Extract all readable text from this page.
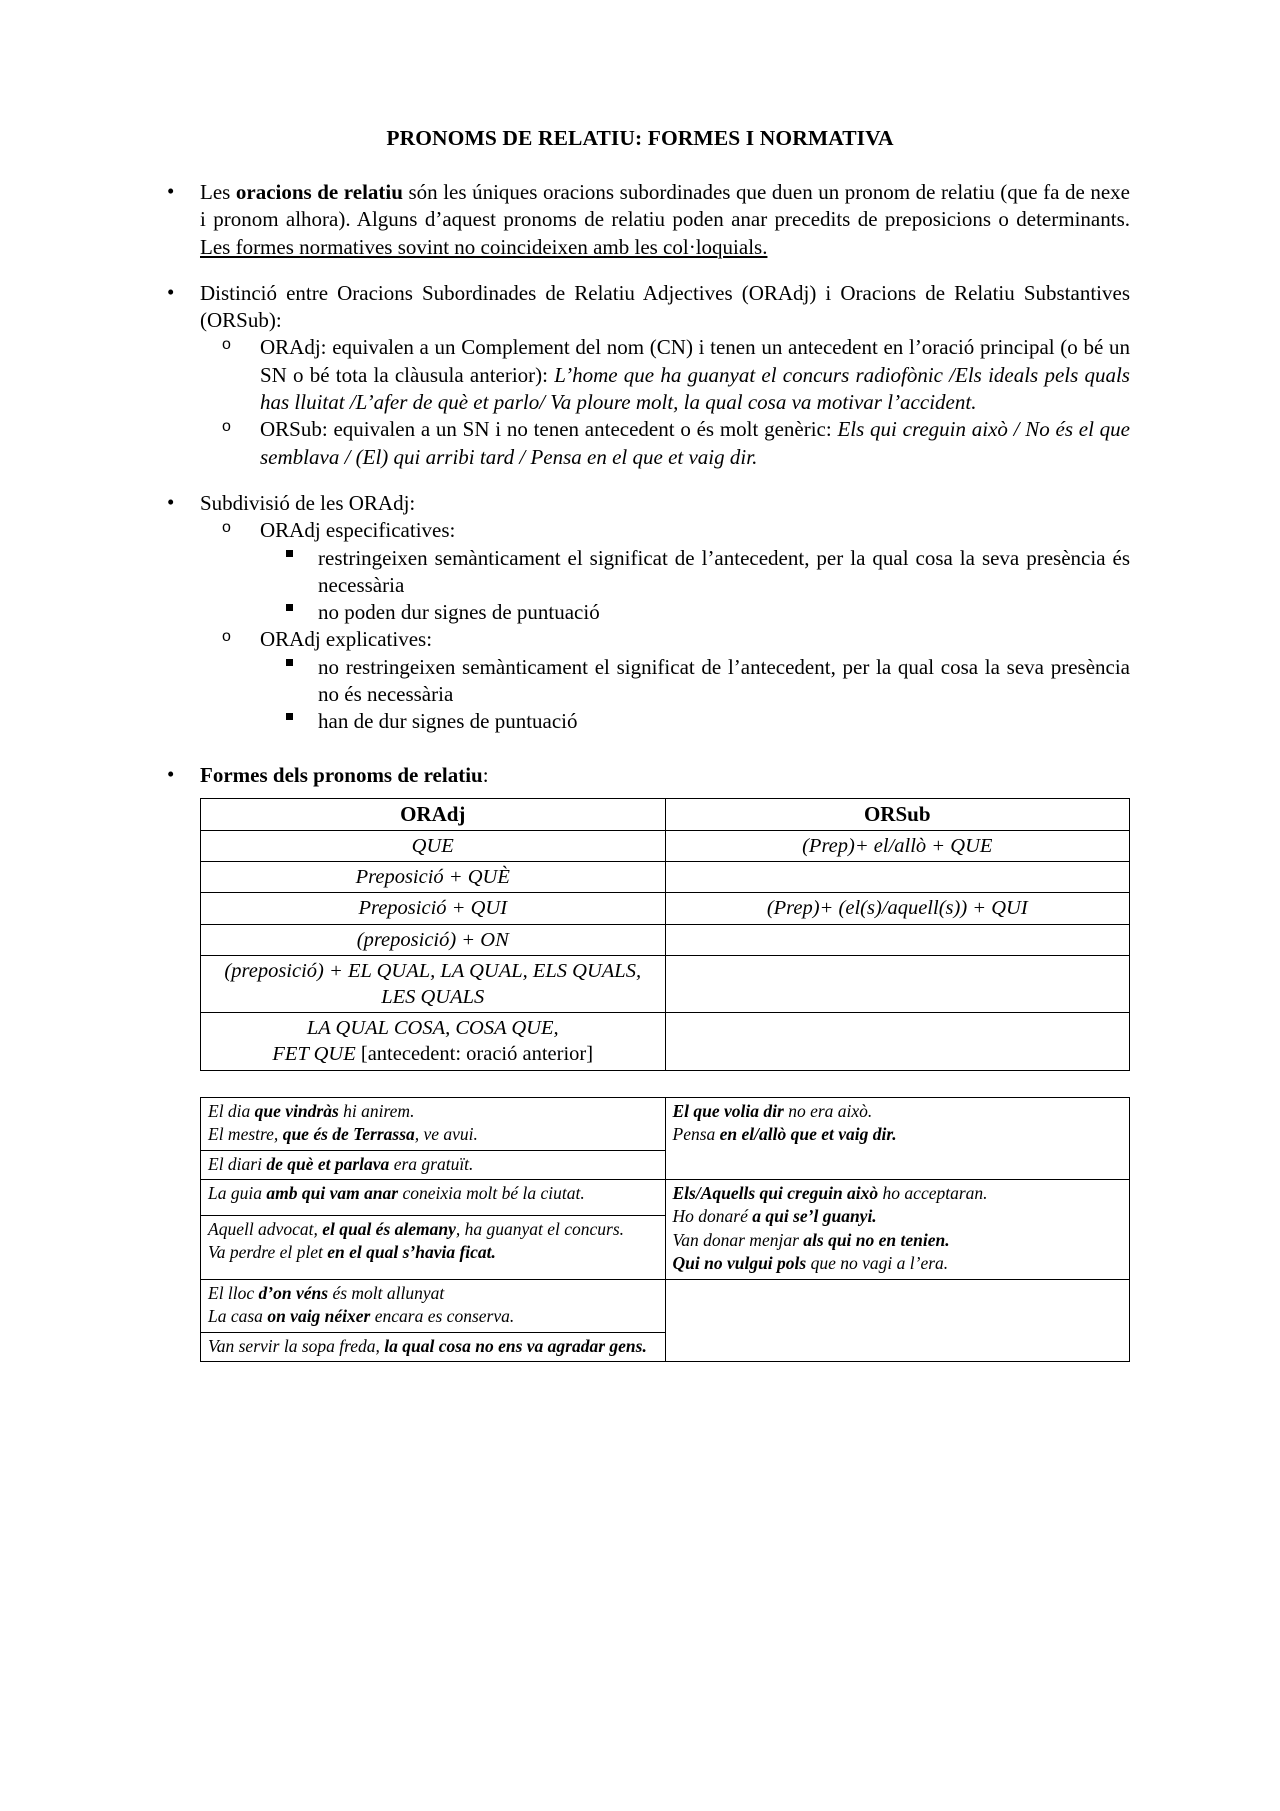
PRONOMS DE RELATIU: FORMES I NORMATIVA
• Les oracions de relatiu són les úniques oracions subordinades que duen un pronom de relatiu (que fa de nexe i pronom alhora). Alguns d’aquest pronoms de relatiu poden anar precedits de preposicions o determinants. Les formes normatives sovint no coincideixen amb les col·loquials.
• Distinció entre Oracions Subordinades de Relatiu Adjectives (ORAdj) i Oracions de Relatiu Substantives (ORSub):
o ORAdj: equivalen a un Complement del nom (CN) i tenen un antecedent en l’oració principal (o bé un SN o bé tota la clàusula anterior): L’home que ha guanyat el concurs radiofònic /Els ideals pels quals has lluitat /L’afer de què et parlo/ Va ploure molt, la qual cosa va motivar l’accident.
o ORSub: equivalen a un SN i no tenen antecedent o és molt genèric: Els qui creguin això / No és el que semblava / (El) qui arribi tard / Pensa en el que et vaig dir.
• Subdivisió de les ORAdj:
o ORAdj especificatives:
restringeixen semànticament el significat de l’antecedent, per la qual cosa la seva presència és necessària
no poden dur signes de puntuació
o ORAdj explicatives:
no restringeixen semànticament el significat de l’antecedent, per la qual cosa la seva presència no és necessària
han de dur signes de puntuació
• Formes dels pronoms de relatiu:
ORAdj	ORSub
QUE	(Prep)+ el/allò + QUE
Preposició + QUÈ	
Preposició + QUI	(Prep)+ (el(s)/aquell(s)) + QUI
(preposició) + ON	
(preposició) + EL QUAL, LA QUAL, ELS QUALS, LES QUALS	

LA QUAL COSA, COSA QUE,
FET QUE [antecedent: oració anterior]	

El dia que vindràs hi anirem.
El mestre, que és de Terrassa, ve avui.	El que volia dir no era això.
Pensa en el/allò que et vaig dir.

El diari de què et parlava era gratuït.	

La guia amb qui vam anar coneixia molt bé la ciutat.	Els/Aquells qui creguin això ho acceptaran.
Ho donaré a qui se’l guanyi.
Van donar menjar als qui no en tenien.
Qui no vulgui pols que no vagi a l’era.

Aquell advocat, el qual és alemany, ha guanyat el concurs.
Va perdre el plet en el qual s’havia ficat.	

El lloc d’on véns és molt allunyat
La casa on vaig néixer encara es conserva.	

Van servir la sopa freda, la qual cosa no ens va agradar gens.	
